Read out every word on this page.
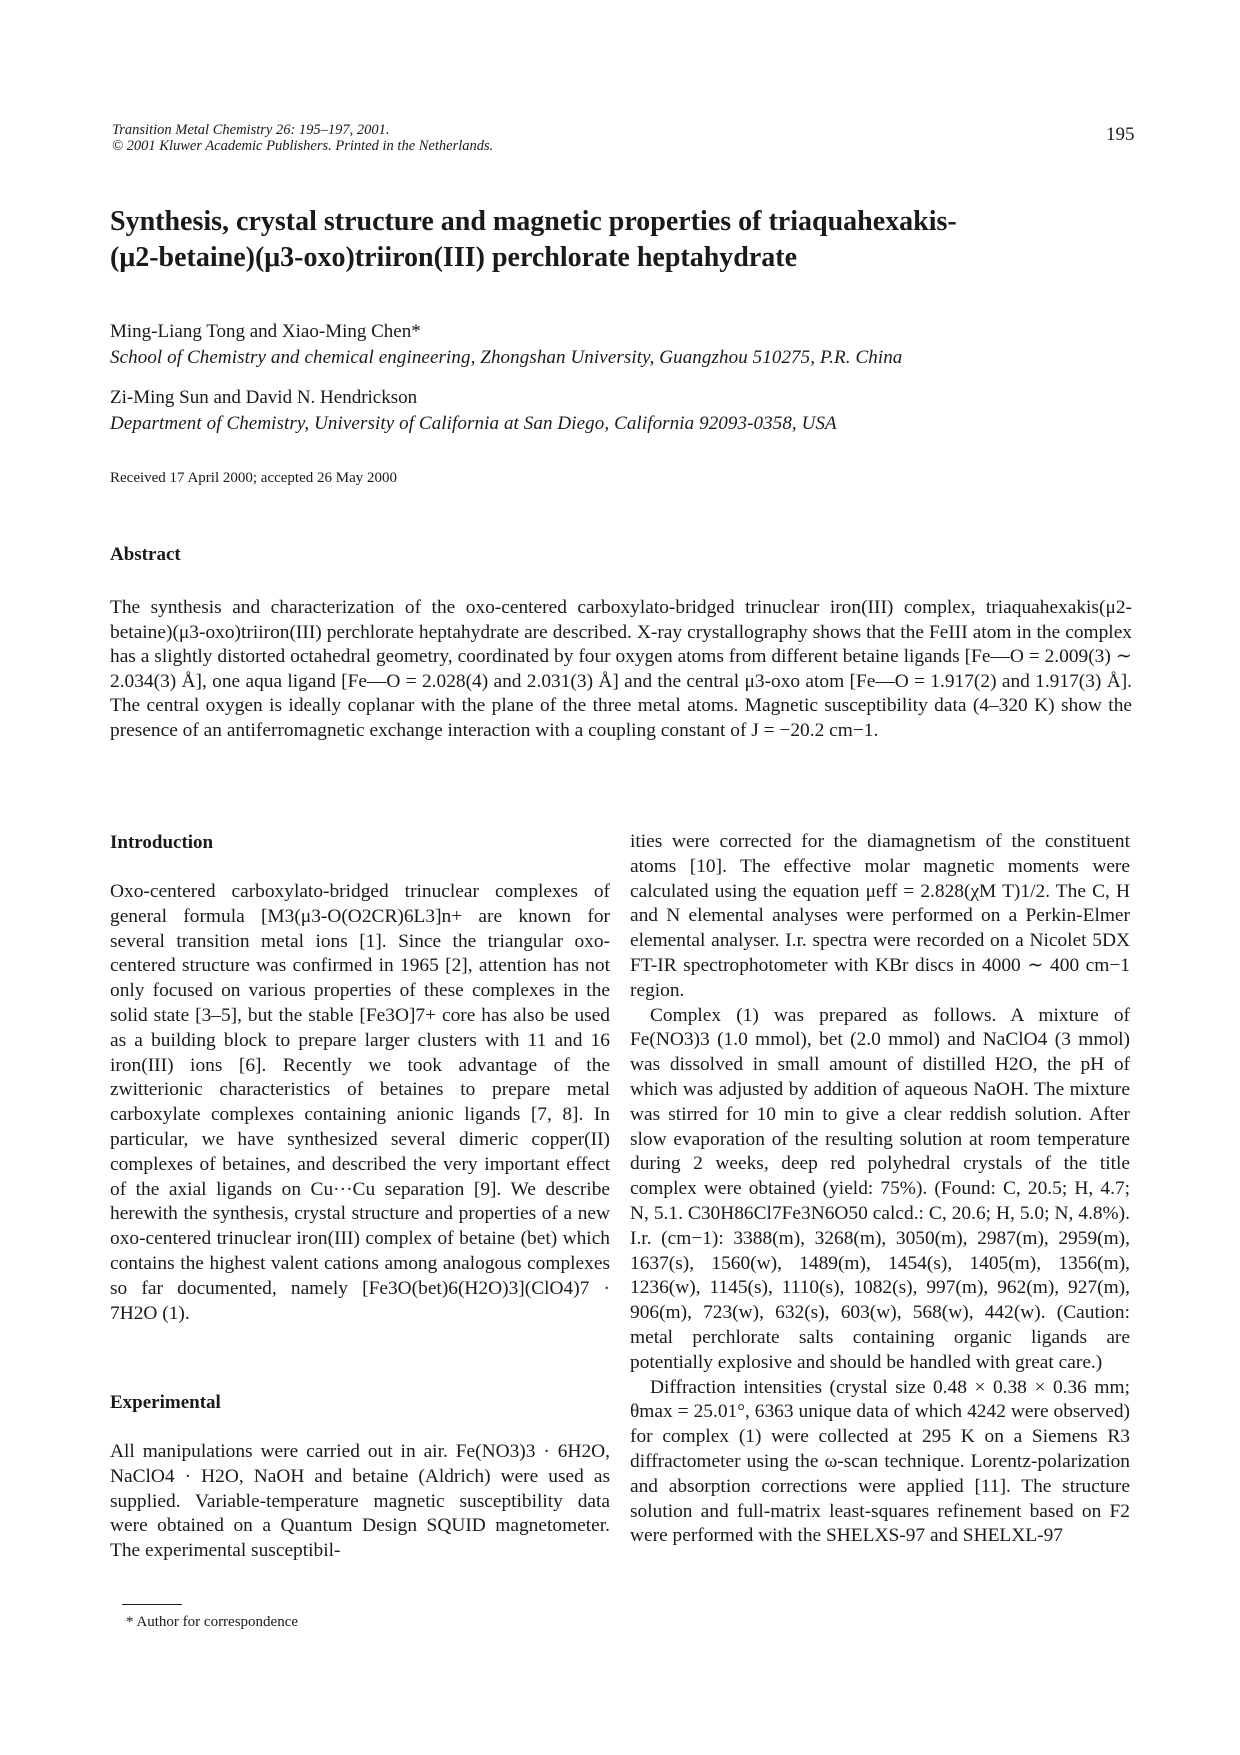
Transition Metal Chemistry 26: 195–197, 2001.
© 2001 Kluwer Academic Publishers. Printed in the Netherlands.
195
Synthesis, crystal structure and magnetic properties of triaquahexakis-
(μ2-betaine)(μ3-oxo)triiron(III) perchlorate heptahydrate
Ming-Liang Tong and Xiao-Ming Chen*
School of Chemistry and chemical engineering, Zhongshan University, Guangzhou 510275, P.R. China
Zi-Ming Sun and David N. Hendrickson
Department of Chemistry, University of California at San Diego, California 92093-0358, USA
Received 17 April 2000; accepted 26 May 2000
Abstract
The synthesis and characterization of the oxo-centered carboxylato-bridged trinuclear iron(III) complex, triaquahexakis(μ2-betaine)(μ3-oxo)triiron(III) perchlorate heptahydrate are described. X-ray crystallography shows that the FeIII atom in the complex has a slightly distorted octahedral geometry, coordinated by four oxygen atoms from different betaine ligands [Fe—O = 2.009(3) ∼ 2.034(3) Å], one aqua ligand [Fe—O = 2.028(4) and 2.031(3) Å] and the central μ3-oxo atom [Fe—O = 1.917(2) and 1.917(3) Å]. The central oxygen is ideally coplanar with the plane of the three metal atoms. Magnetic susceptibility data (4–320 K) show the presence of an antiferromagnetic exchange interaction with a coupling constant of J = −20.2 cm−1.
Introduction

Oxo-centered carboxylato-bridged trinuclear complexes of general formula [M3(μ3-O(O2CR)6L3]n+ are known for several transition metal ions [1]. Since the triangular oxo-centered structure was confirmed in 1965 [2], attention has not only focused on various properties of these complexes in the solid state [3–5], but the stable [Fe3O]7+ core has also be used as a building block to prepare larger clusters with 11 and 16 iron(III) ions [6]. Recently we took advantage of the zwitterionic characteristics of betaines to prepare metal carboxylate complexes containing anionic ligands [7, 8]. In particular, we have synthesized several dimeric copper(II) complexes of betaines, and described the very important effect of the axial ligands on Cu···Cu separation [9]. We describe herewith the synthesis, crystal structure and properties of a new oxo-centered trinuclear iron(III) complex of betaine (bet) which contains the highest valent cations among analogous complexes so far documented, namely [Fe3O(bet)6(H2O)3](ClO4)7 · 7H2O (1).

Experimental

All manipulations were carried out in air. Fe(NO3)3 · 6H2O, NaClO4 · H2O, NaOH and betaine (Aldrich) were used as supplied. Variable-temperature magnetic susceptibility data were obtained on a Quantum Design SQUID magnetometer. The experimental susceptibil-

* Author for correspondence

ities were corrected for the diamagnetism of the constituent atoms [10]. The effective molar magnetic moments were calculated using the equation μeff = 2.828(χM T)1/2. The C, H and N elemental analyses were performed on a Perkin-Elmer elemental analyser. I.r. spectra were recorded on a Nicolet 5DX FT-IR spectrophotometer with KBr discs in 4000 ∼ 400 cm−1 region.

Complex (1) was prepared as follows. A mixture of Fe(NO3)3 (1.0 mmol), bet (2.0 mmol) and NaClO4 (3 mmol) was dissolved in small amount of distilled H2O, the pH of which was adjusted by addition of aqueous NaOH. The mixture was stirred for 10 min to give a clear reddish solution. After slow evaporation of the resulting solution at room temperature during 2 weeks, deep red polyhedral crystals of the title complex were obtained (yield: 75%). (Found: C, 20.5; H, 4.7; N, 5.1. C30H86Cl7Fe3N6O50 calcd.: C, 20.6; H, 5.0; N, 4.8%). I.r. (cm−1): 3388(m), 3268(m), 3050(m), 2987(m), 2959(m), 1637(s), 1560(w), 1489(m), 1454(s), 1405(m), 1356(m), 1236(w), 1145(s), 1110(s), 1082(s), 997(m), 962(m), 927(m), 906(m), 723(w), 632(s), 603(w), 568(w), 442(w). (Caution: metal perchlorate salts containing organic ligands are potentially explosive and should be handled with great care.)

Diffraction intensities (crystal size 0.48 × 0.38 × 0.36 mm; θmax = 25.01°, 6363 unique data of which 4242 were observed) for complex (1) were collected at 295 K on a Siemens R3 diffractometer using the ω-scan technique. Lorentz-polarization and absorption corrections were applied [11]. The structure solution and full-matrix least-squares refinement based on F2 were performed with the SHELXS-97 and SHELXL-97
